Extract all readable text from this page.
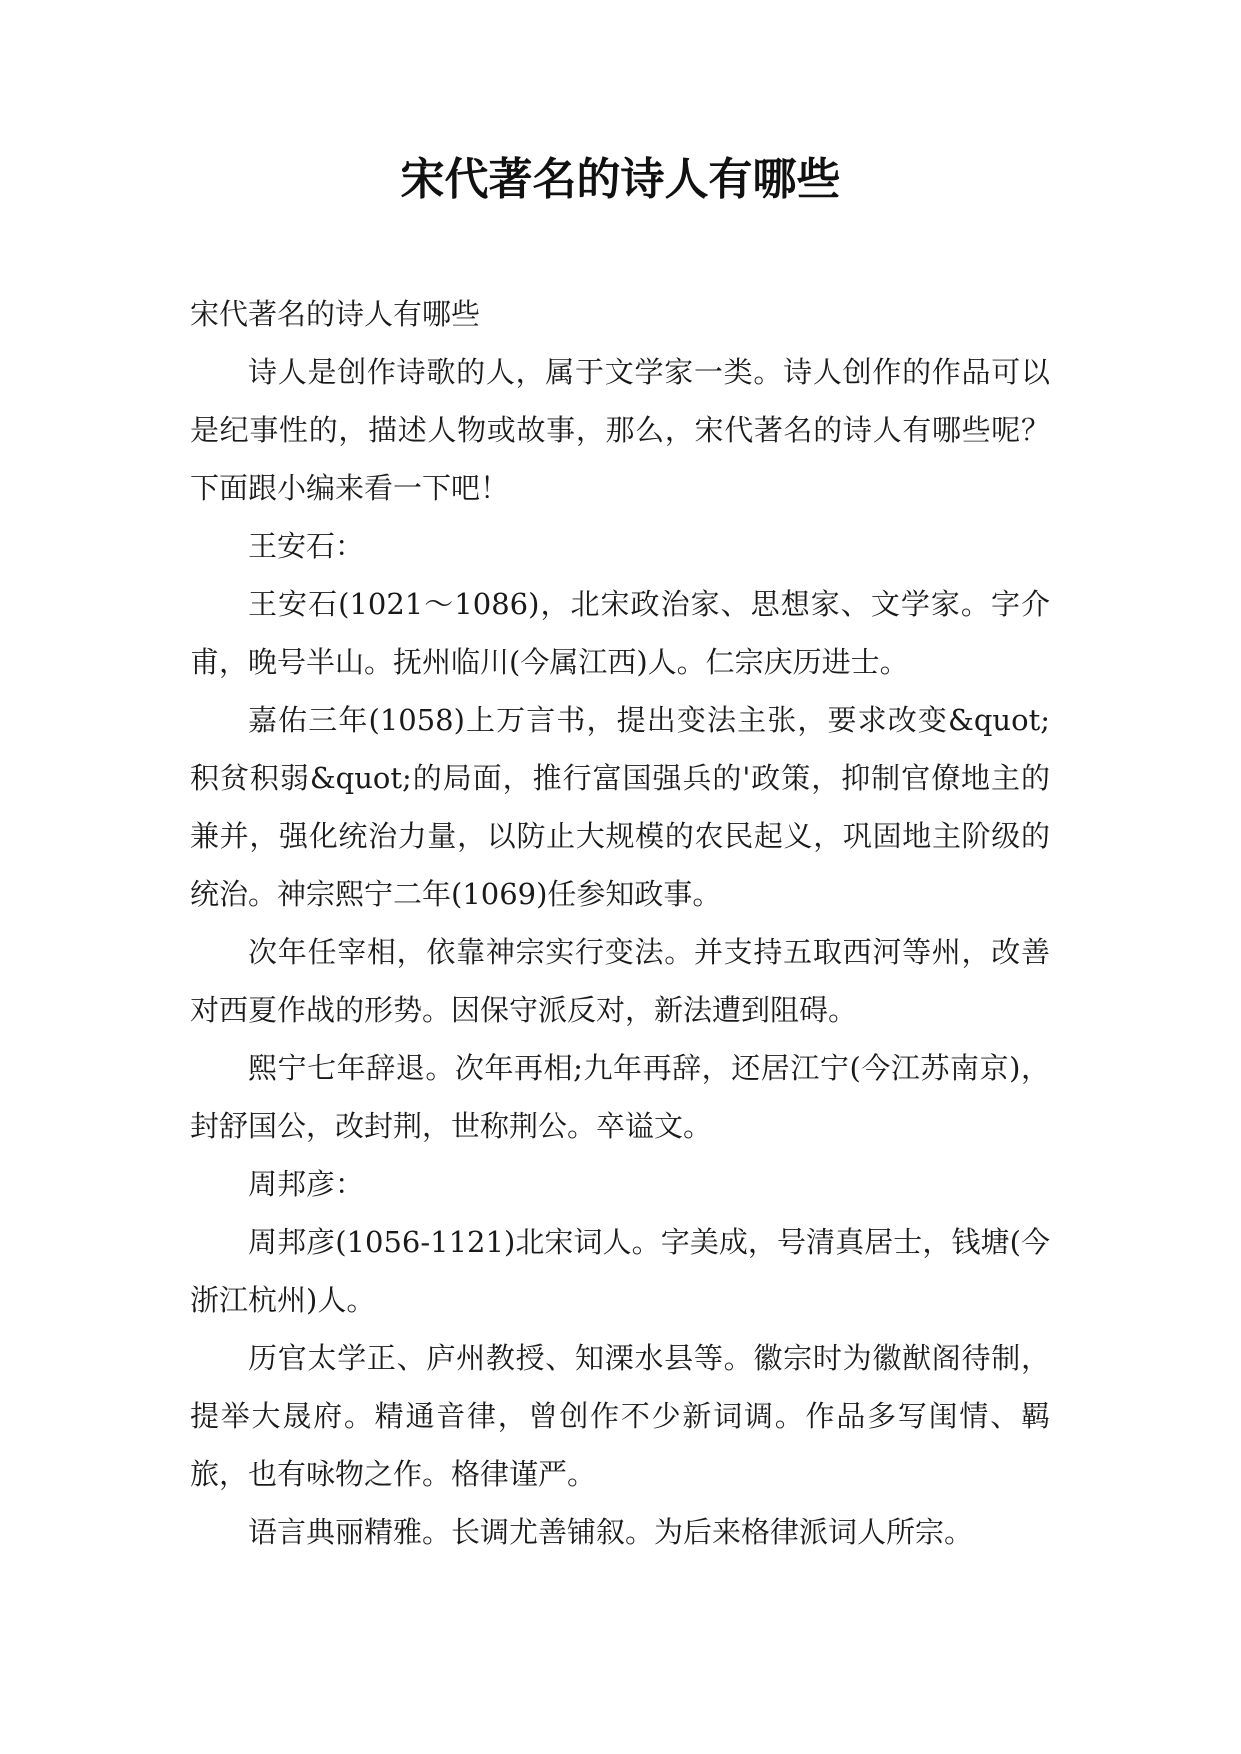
宋代著名的诗人有哪些

宋代著名的诗人有哪些

诗人是创作诗歌的人，属于文学家一类。诗人创作的作品可以是纪事性的，描述人物或故事，那么，宋代著名的诗人有哪些呢？下面跟小编来看一下吧！

王安石：

王安石(1021～1086)，北宋政治家、思想家、文学家。字介甫，晚号半山。抚州临川(今属江西)人。仁宗庆历进士。

嘉佑三年(1058)上万言书，提出变法主张，要求改变&quot;积贫积弱&quot;的局面，推行富国强兵的'政策，抑制官僚地主的兼并，强化统治力量，以防止大规模的农民起义，巩固地主阶级的统治。神宗熙宁二年(1069)任参知政事。

次年任宰相，依靠神宗实行变法。并支持五取西河等州，改善对西夏作战的形势。因保守派反对，新法遭到阻碍。

熙宁七年辞退。次年再相;九年再辞，还居江宁(今江苏南京)，封舒国公，改封荆，世称荆公。卒谥文。

周邦彦：

周邦彦(1056-1121)北宋词人。字美成，号清真居士，钱塘(今浙江杭州)人。

历官太学正、庐州教授、知溧水县等。徽宗时为徽猷阁待制，提举大晟府。精通音律，曾创作不少新词调。作品多写闺情、羁旅，也有咏物之作。格律谨严。

语言典丽精雅。长调尤善铺叙。为后来格律派词人所宗。
